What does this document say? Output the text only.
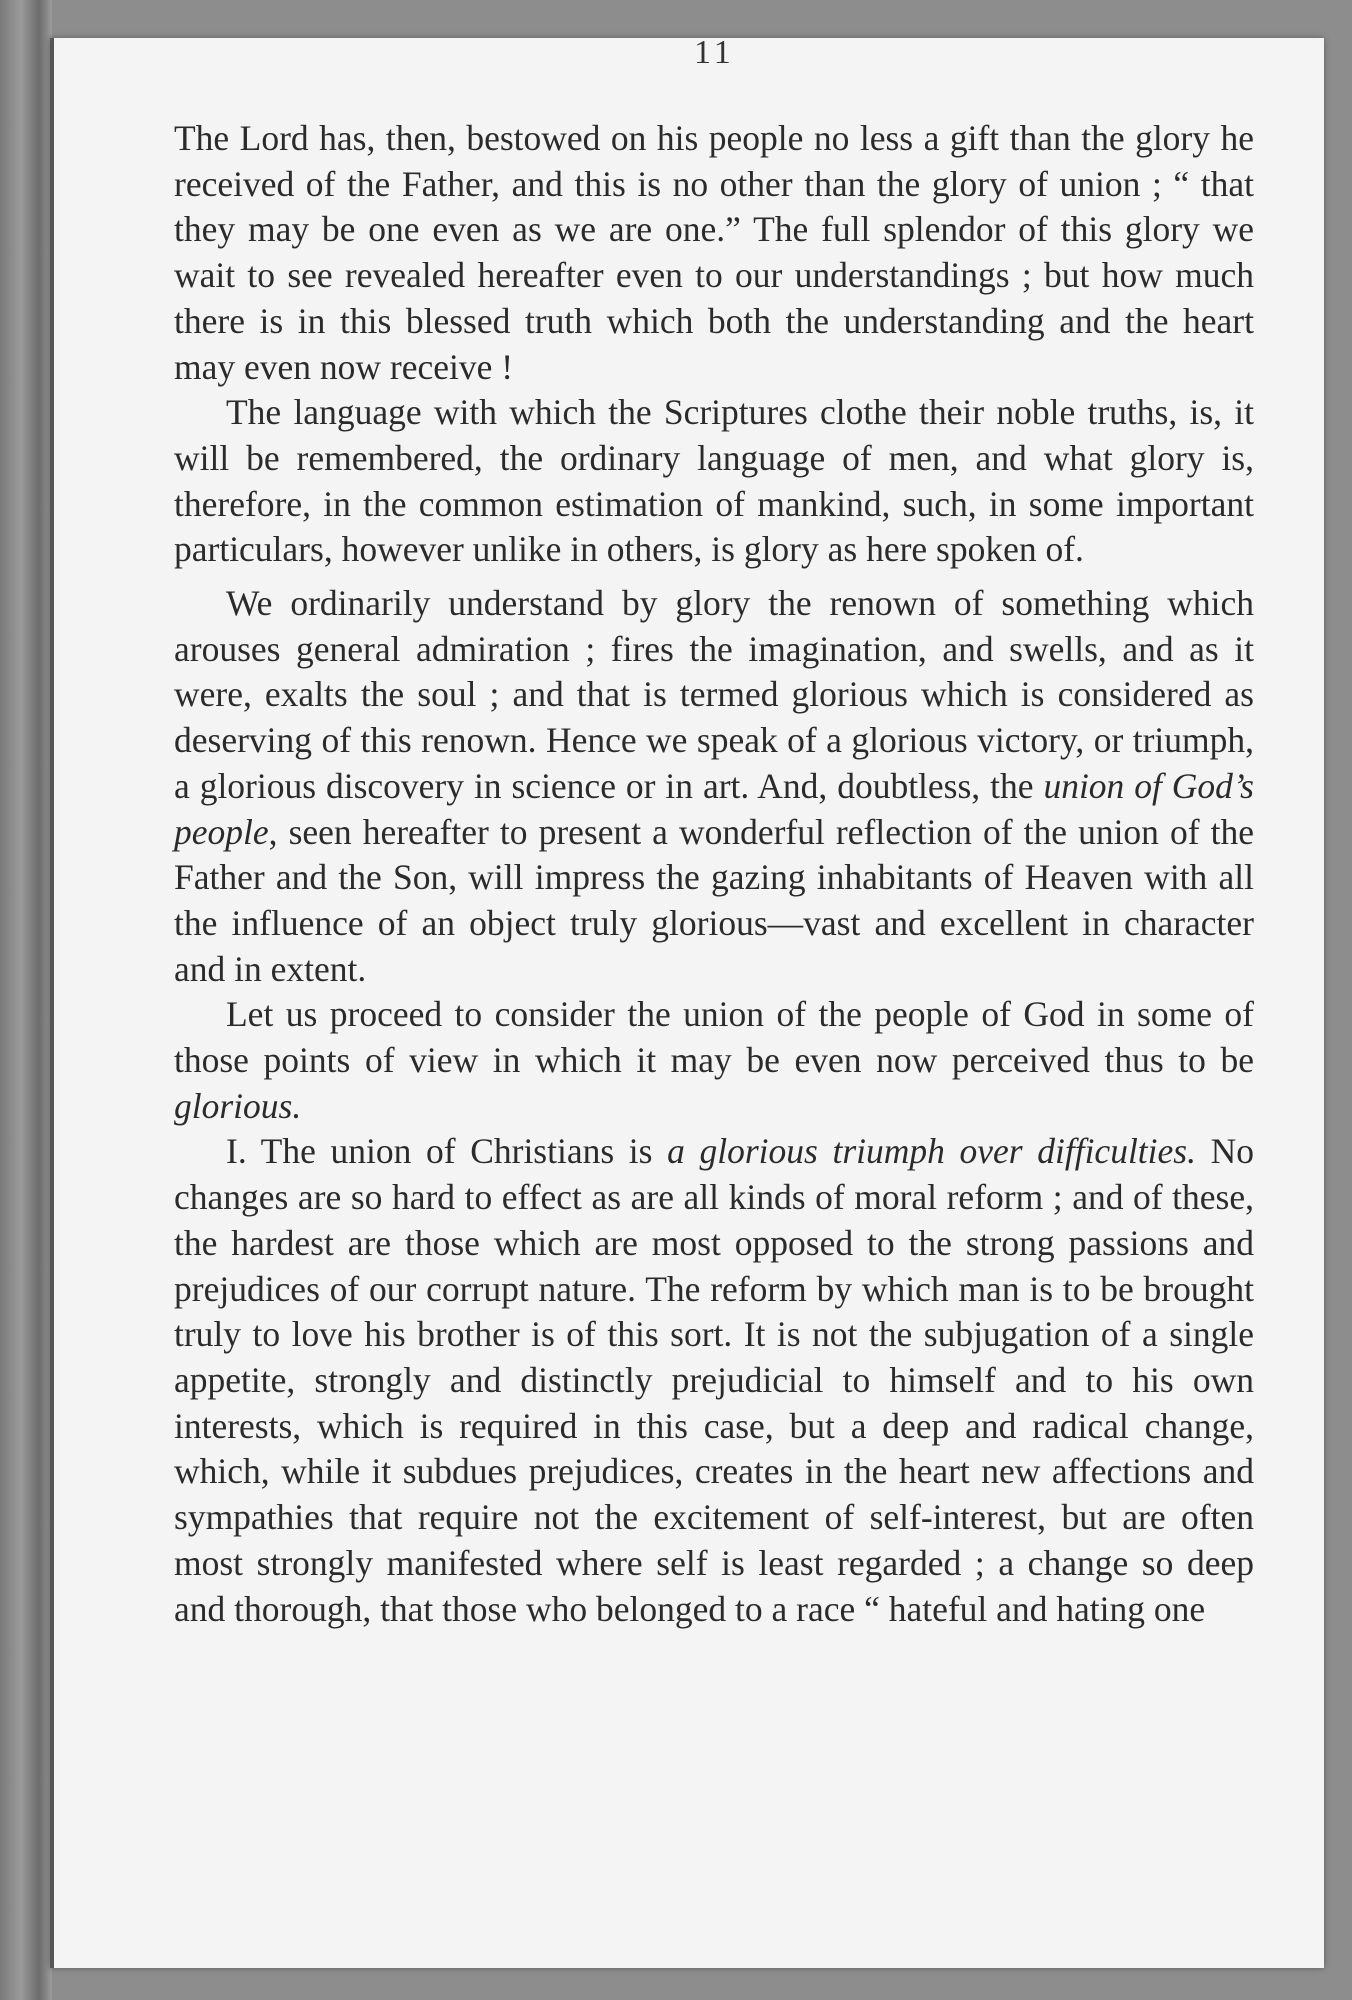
11

The Lord has, then, bestowed on his people no less a gift than the glory he received of the Father, and this is no other than the glory of union ; “ that they may be one even as we are one.” The full splendor of this glory we wait to see revealed hereafter even to our understandings ; but how much there is in this blessed truth which both the understanding and the heart may even now receive !

The language with which the Scriptures clothe their noble truths, is, it will be remembered, the ordinary language of men, and what glory is, therefore, in the common estimation of mankind, such, in some important particulars, however unlike in others, is glory as here spoken of.

We ordinarily understand by glory the renown of something which arouses general admiration ; fires the imagination, and swells, and as it were, exalts the soul ; and that is termed glorious which is considered as deserving of this renown. Hence we speak of a glorious victory, or triumph, a glorious discovery in science or in art. And, doubtless, the union of God’s people, seen hereafter to present a wonderful reflection of the union of the Father and the Son, will impress the gazing inhabitants of Heaven with all the influence of an object truly glorious—vast and excellent in character and in extent.

Let us proceed to consider the union of the people of God in some of those points of view in which it may be even now perceived thus to be glorious.

I. The union of Christians is a glorious triumph over difficulties. No changes are so hard to effect as are all kinds of moral reform ; and of these, the hardest are those which are most opposed to the strong passions and prejudices of our corrupt nature. The reform by which man is to be brought truly to love his brother is of this sort. It is not the subjugation of a single appetite, strongly and distinctly prejudicial to himself and to his own interests, which is required in this case, but a deep and radical change, which, while it subdues prejudices, creates in the heart new affections and sympathies that require not the excitement of self-interest, but are often most strongly manifested where self is least regarded ; a change so deep and thorough, that those who belonged to a race “ hateful and hating one
